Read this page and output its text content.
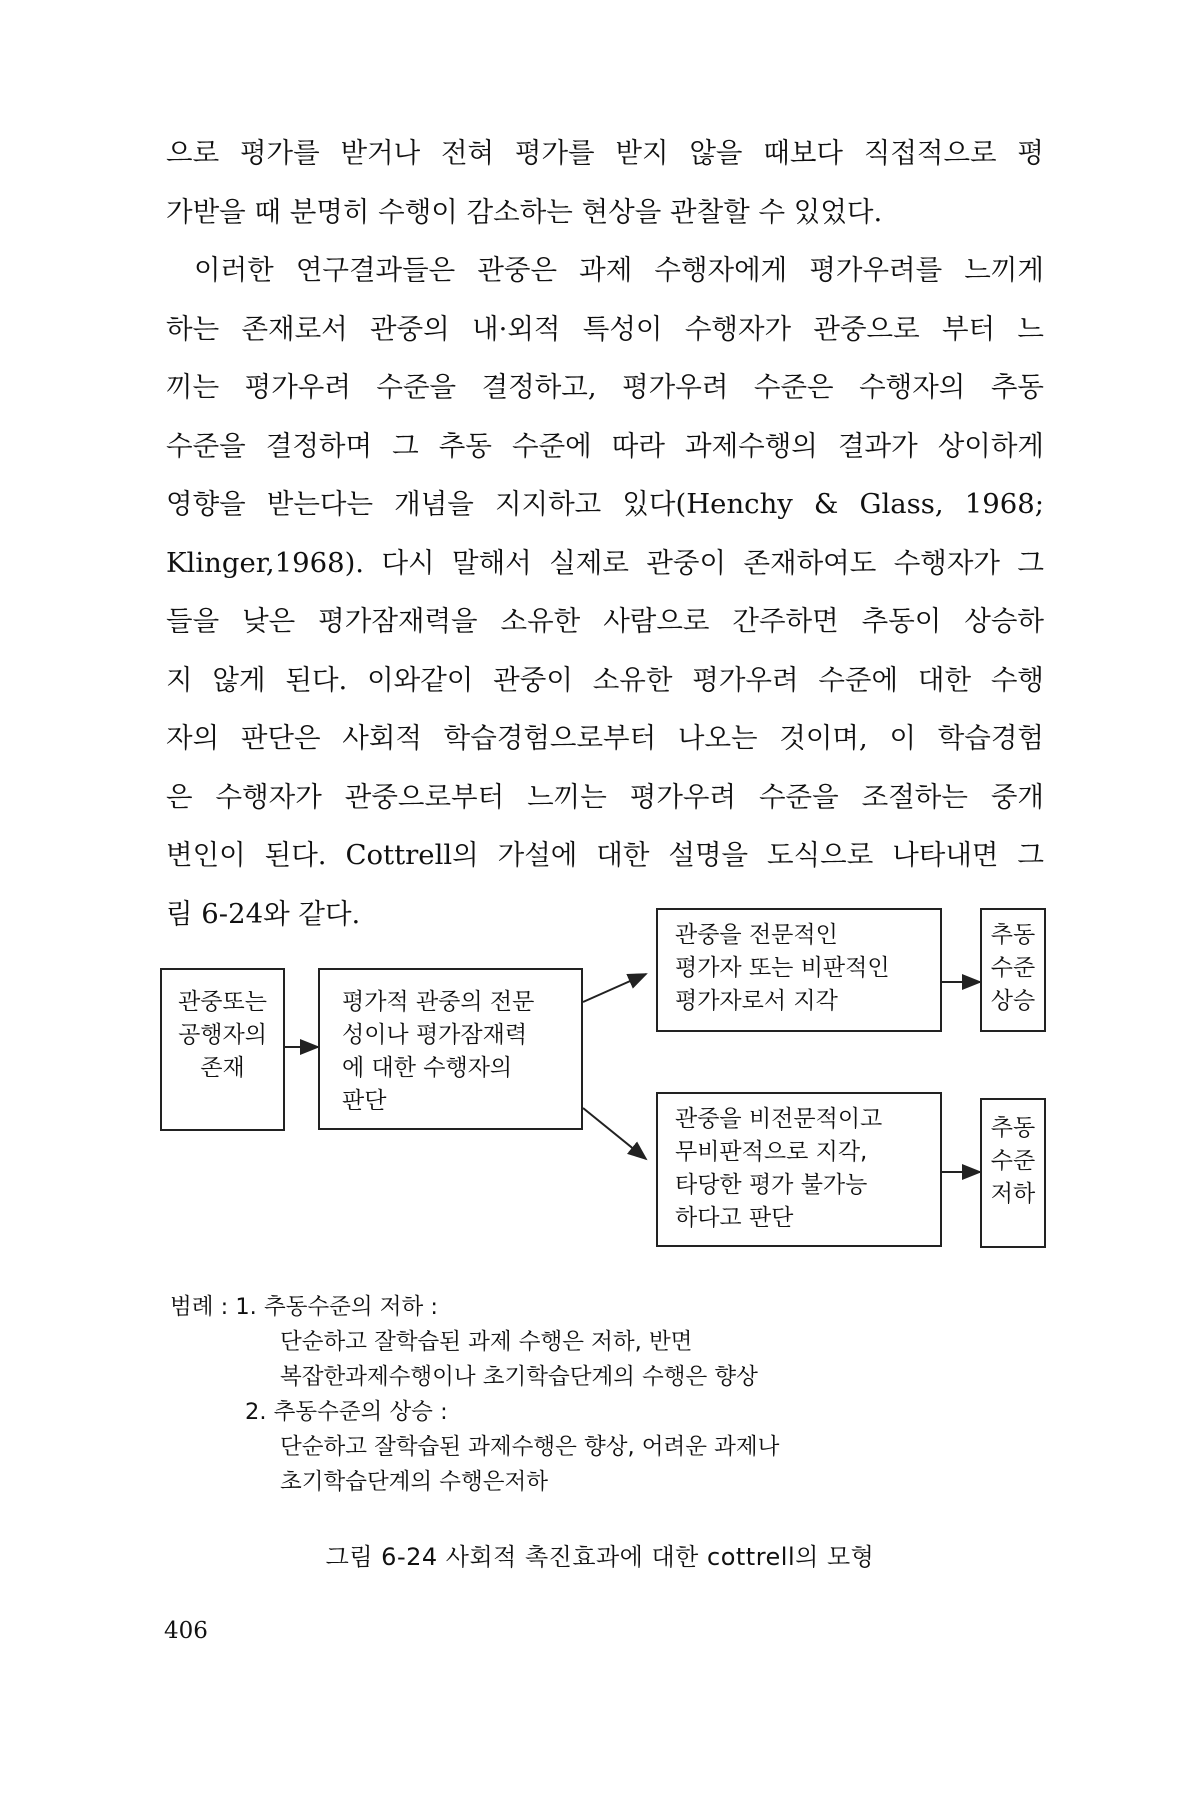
으로 평가를 받거나 전혀 평가를 받지 않을 때보다 직접적으로 평
가받을 때 분명히 수행이 감소하는 현상을 관찰할 수 있었다.
이러한 연구결과들은 관중은 과제 수행자에게 평가우려를 느끼게
하는 존재로서 관중의 내·외적 특성이 수행자가 관중으로 부터 느
끼는 평가우려 수준을 결정하고, 평가우려 수준은 수행자의 추동
수준을 결정하며 그 추동 수준에 따라 과제수행의 결과가 상이하게
영향을 받는다는 개념을 지지하고 있다(Henchy & Glass, 1968;
Klinger,1968). 다시 말해서 실제로 관중이 존재하여도 수행자가 그
들을 낮은 평가잠재력을 소유한 사람으로 간주하면 추동이 상승하
지 않게 된다. 이와같이 관중이 소유한 평가우려 수준에 대한 수행
자의 판단은 사회적 학습경험으로부터 나오는 것이며, 이 학습경험
은 수행자가 관중으로부터 느끼는 평가우려 수준을 조절하는 중개
변인이 된다. Cottrell의 가설에 대한 설명을 도식으로 나타내면 그
림 6-24와 같다.
관중또는
공행자의
존재
평가적 관중의 전문
성이나 평가잠재력
에 대한 수행자의
판단
관중을 전문적인
평가자 또는 비판적인
평가자로서 지각
추동
수준
상승
관중을 비전문적이고
무비판적으로 지각,
타당한 평가 불가능
하다고 판단
추동
수준
저하
범례 : 1. 추동수준의 저하 :
단순하고 잘학습된 과제 수행은 저하, 반면
복잡한과제수행이나 초기학습단계의 수행은 향상
2. 추동수준의 상승 :
단순하고 잘학습된 과제수행은 향상, 어려운 과제나
초기학습단계의 수행은저하
그림 6-24 사회적 촉진효과에 대한 cottrell의 모형
406
